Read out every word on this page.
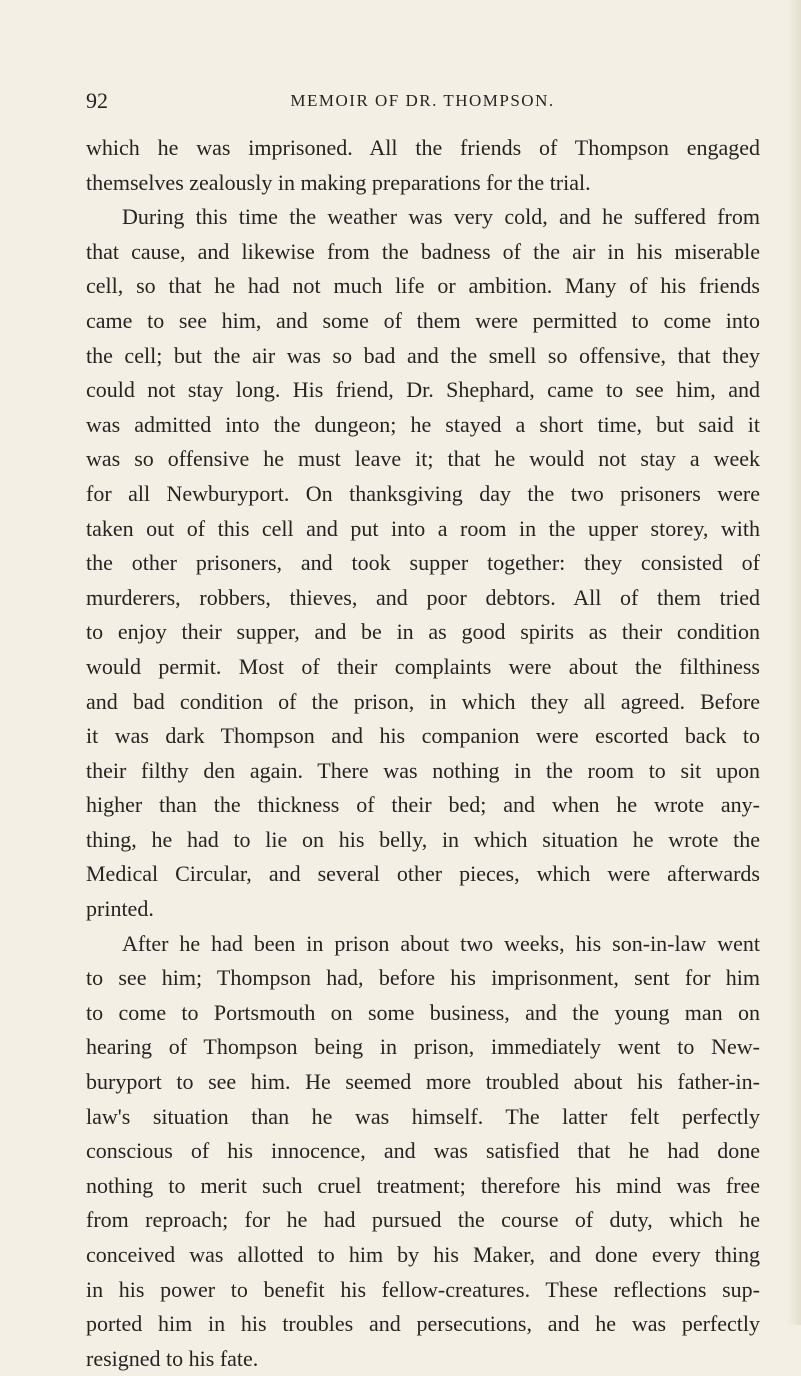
92	MEMOIR OF DR. THOMPSON.
which he was imprisoned. All the friends of Thompson engaged
themselves zealously in making preparations for the trial.
During this time the weather was very cold, and he suffered from
that cause, and likewise from the badness of the air in his miserable
cell, so that he had not much life or ambition. Many of his friends
came to see him, and some of them were permitted to come into
the cell; but the air was so bad and the smell so offensive, that they
could not stay long. His friend, Dr. Shephard, came to see him, and
was admitted into the dungeon; he stayed a short time, but said it
was so offensive he must leave it; that he would not stay a week
for all Newburyport. On thanksgiving day the two prisoners were
taken out of this cell and put into a room in the upper storey, with
the other prisoners, and took supper together: they consisted of
murderers, robbers, thieves, and poor debtors. All of them tried
to enjoy their supper, and be in as good spirits as their condition
would permit. Most of their complaints were about the filthiness
and bad condition of the prison, in which they all agreed. Before
it was dark Thompson and his companion were escorted back to
their filthy den again. There was nothing in the room to sit upon
higher than the thickness of their bed; and when he wrote any-
thing, he had to lie on his belly, in which situation he wrote the
Medical Circular, and several other pieces, which were afterwards
printed.
After he had been in prison about two weeks, his son-in-law went
to see him; Thompson had, before his imprisonment, sent for him
to come to Portsmouth on some business, and the young man on
hearing of Thompson being in prison, immediately went to New-
buryport to see him. He seemed more troubled about his father-in-
law's situation than he was himself. The latter felt perfectly
conscious of his innocence, and was satisfied that he had done
nothing to merit such cruel treatment; therefore his mind was free
from reproach; for he had pursued the course of duty, which he
conceived was allotted to him by his Maker, and done every thing
in his power to benefit his fellow-creatures. These reflections sup-
ported him in his troubles and persecutions, and he was perfectly
resigned to his fate.
